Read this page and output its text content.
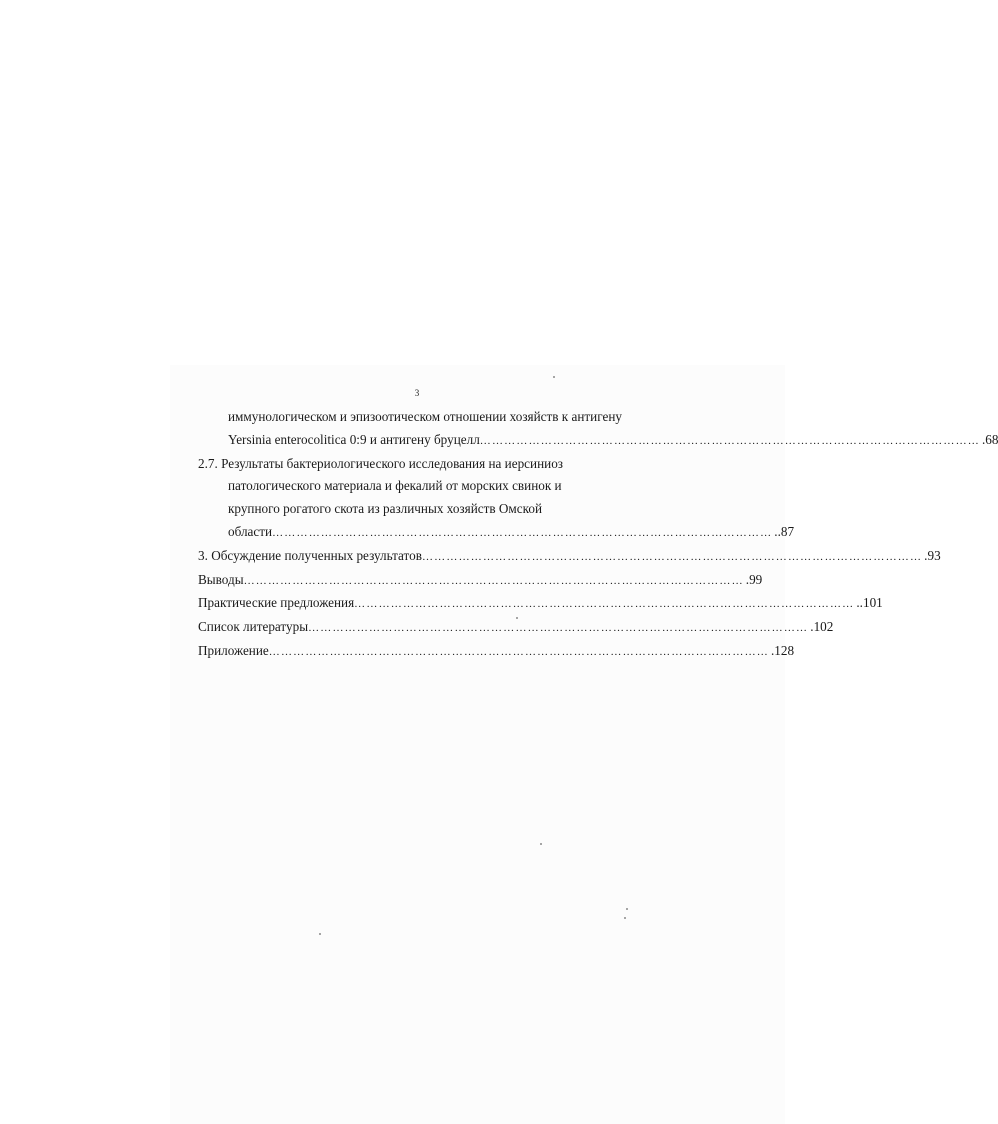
3
иммунологическом и эпизоотическом отношении хозяйств к антигену
Yersinia enterocolitica 0:9 и антигену бруцелл …………………………………………………………………………………………………………… .68
2.7. Результаты бактериологического исследования на иерсиниоз
патологического материала и фекалий от морских свинок и
крупного рогатого скота из различных хозяйств Омской
области …………………………………………………………………………………………………………… ..87
3. Обсуждение полученных результатов …………………………………………………………………………………………………………… .93
Выводы …………………………………………………………………………………………………………… .99
Практические предложения …………………………………………………………………………………………………………… ..101
Список литературы …………………………………………………………………………………………………………… .102
Приложение …………………………………………………………………………………………………………… .128
